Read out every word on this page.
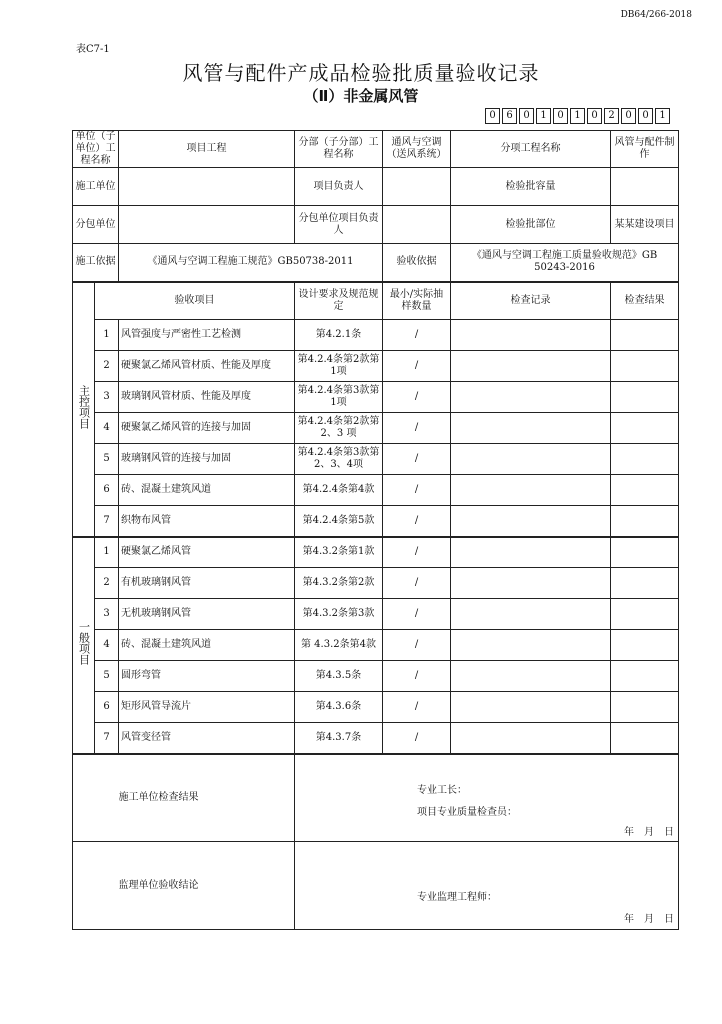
DB64/266-2018
表C7-1
风管与配件产成品检验批质量验收记录
（Ⅱ）非金属风管
0	6	0	1	0	1	0	2	0	0	1
单位（子单位）工程名称		项目工程	分部（子分部）工程名称	通风与空调（送风系统）	分项工程名称	风管与配件制作
施工单位			项目负责人		检验批容量	
分包单位			分包单位项目负责人		检验批部位	某某建设项目
施工依据		《通风与空调工程施工规范》GB50738-2011		验收依据	《通风与空调工程施工质量验收规范》GB 50243-2016	
主控项目	验收项目		设计要求及规范规定	最小/实际抽样数量	检查记录	检查结果
	1	风管强度与严密性工艺检测	第4.2.1条	/		
	2	硬聚氯乙烯风管材质、性能及厚度	第4.2.4条第2款第1项	/		
	3	玻璃钢风管材质、性能及厚度	第4.2.4条第3款第1项	/		
	4	硬聚氯乙烯风管的连接与加固	第4.2.4条第2款第2、3 项	/		
	5	玻璃钢风管的连接与加固	第4.2.4条第3款第2、3、4项	/		
	6	砖、混凝土建筑风道	第4.2.4条第4款	/		
	7	织物布风管	第4.2.4条第5款	/		
一般项目	1	硬聚氯乙烯风管	第4.3.2条第1款	/		
	2	有机玻璃钢风管	第4.3.2条第2款	/		
	3	无机玻璃钢风管	第4.3.2条第3款	/		
	4	砖、混凝土建筑风道	第 4.3.2条第4款	/		
	5	圆形弯管	第4.3.5条	/		
	6	矩形风管导流片	第4.3.6条	/		
	7	风管变径管	第4.3.7条	/		
		施工单位检查结果	专业工长：
项目专业质量检查员：
年　月　日			

		监理单位验收结论	专业监理工程师：
年　月　日			
